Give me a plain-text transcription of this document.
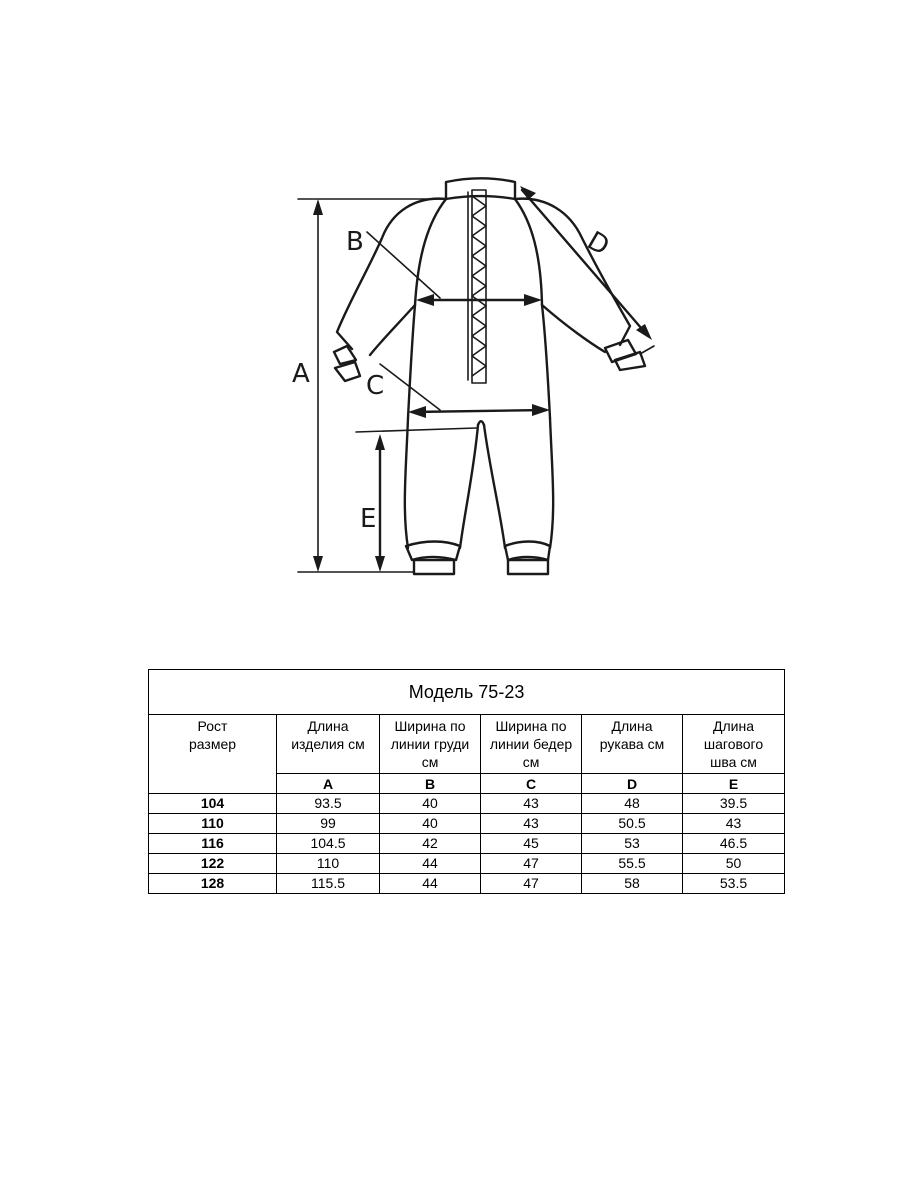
A
B
C
D
E
Модель 75-23					

Рост размер	Длина изделия см	Ширина по линии груди см	Ширина по линии бедер см	Длина рукава см	Длина шагового шва см

	A	B	C	D	E
104	93.5	40	43	48	39.5
110	99	40	43	50.5	43
116	104.5	42	45	53	46.5
122	110	44	47	55.5	50
128	115.5	44	47	58	53.5
